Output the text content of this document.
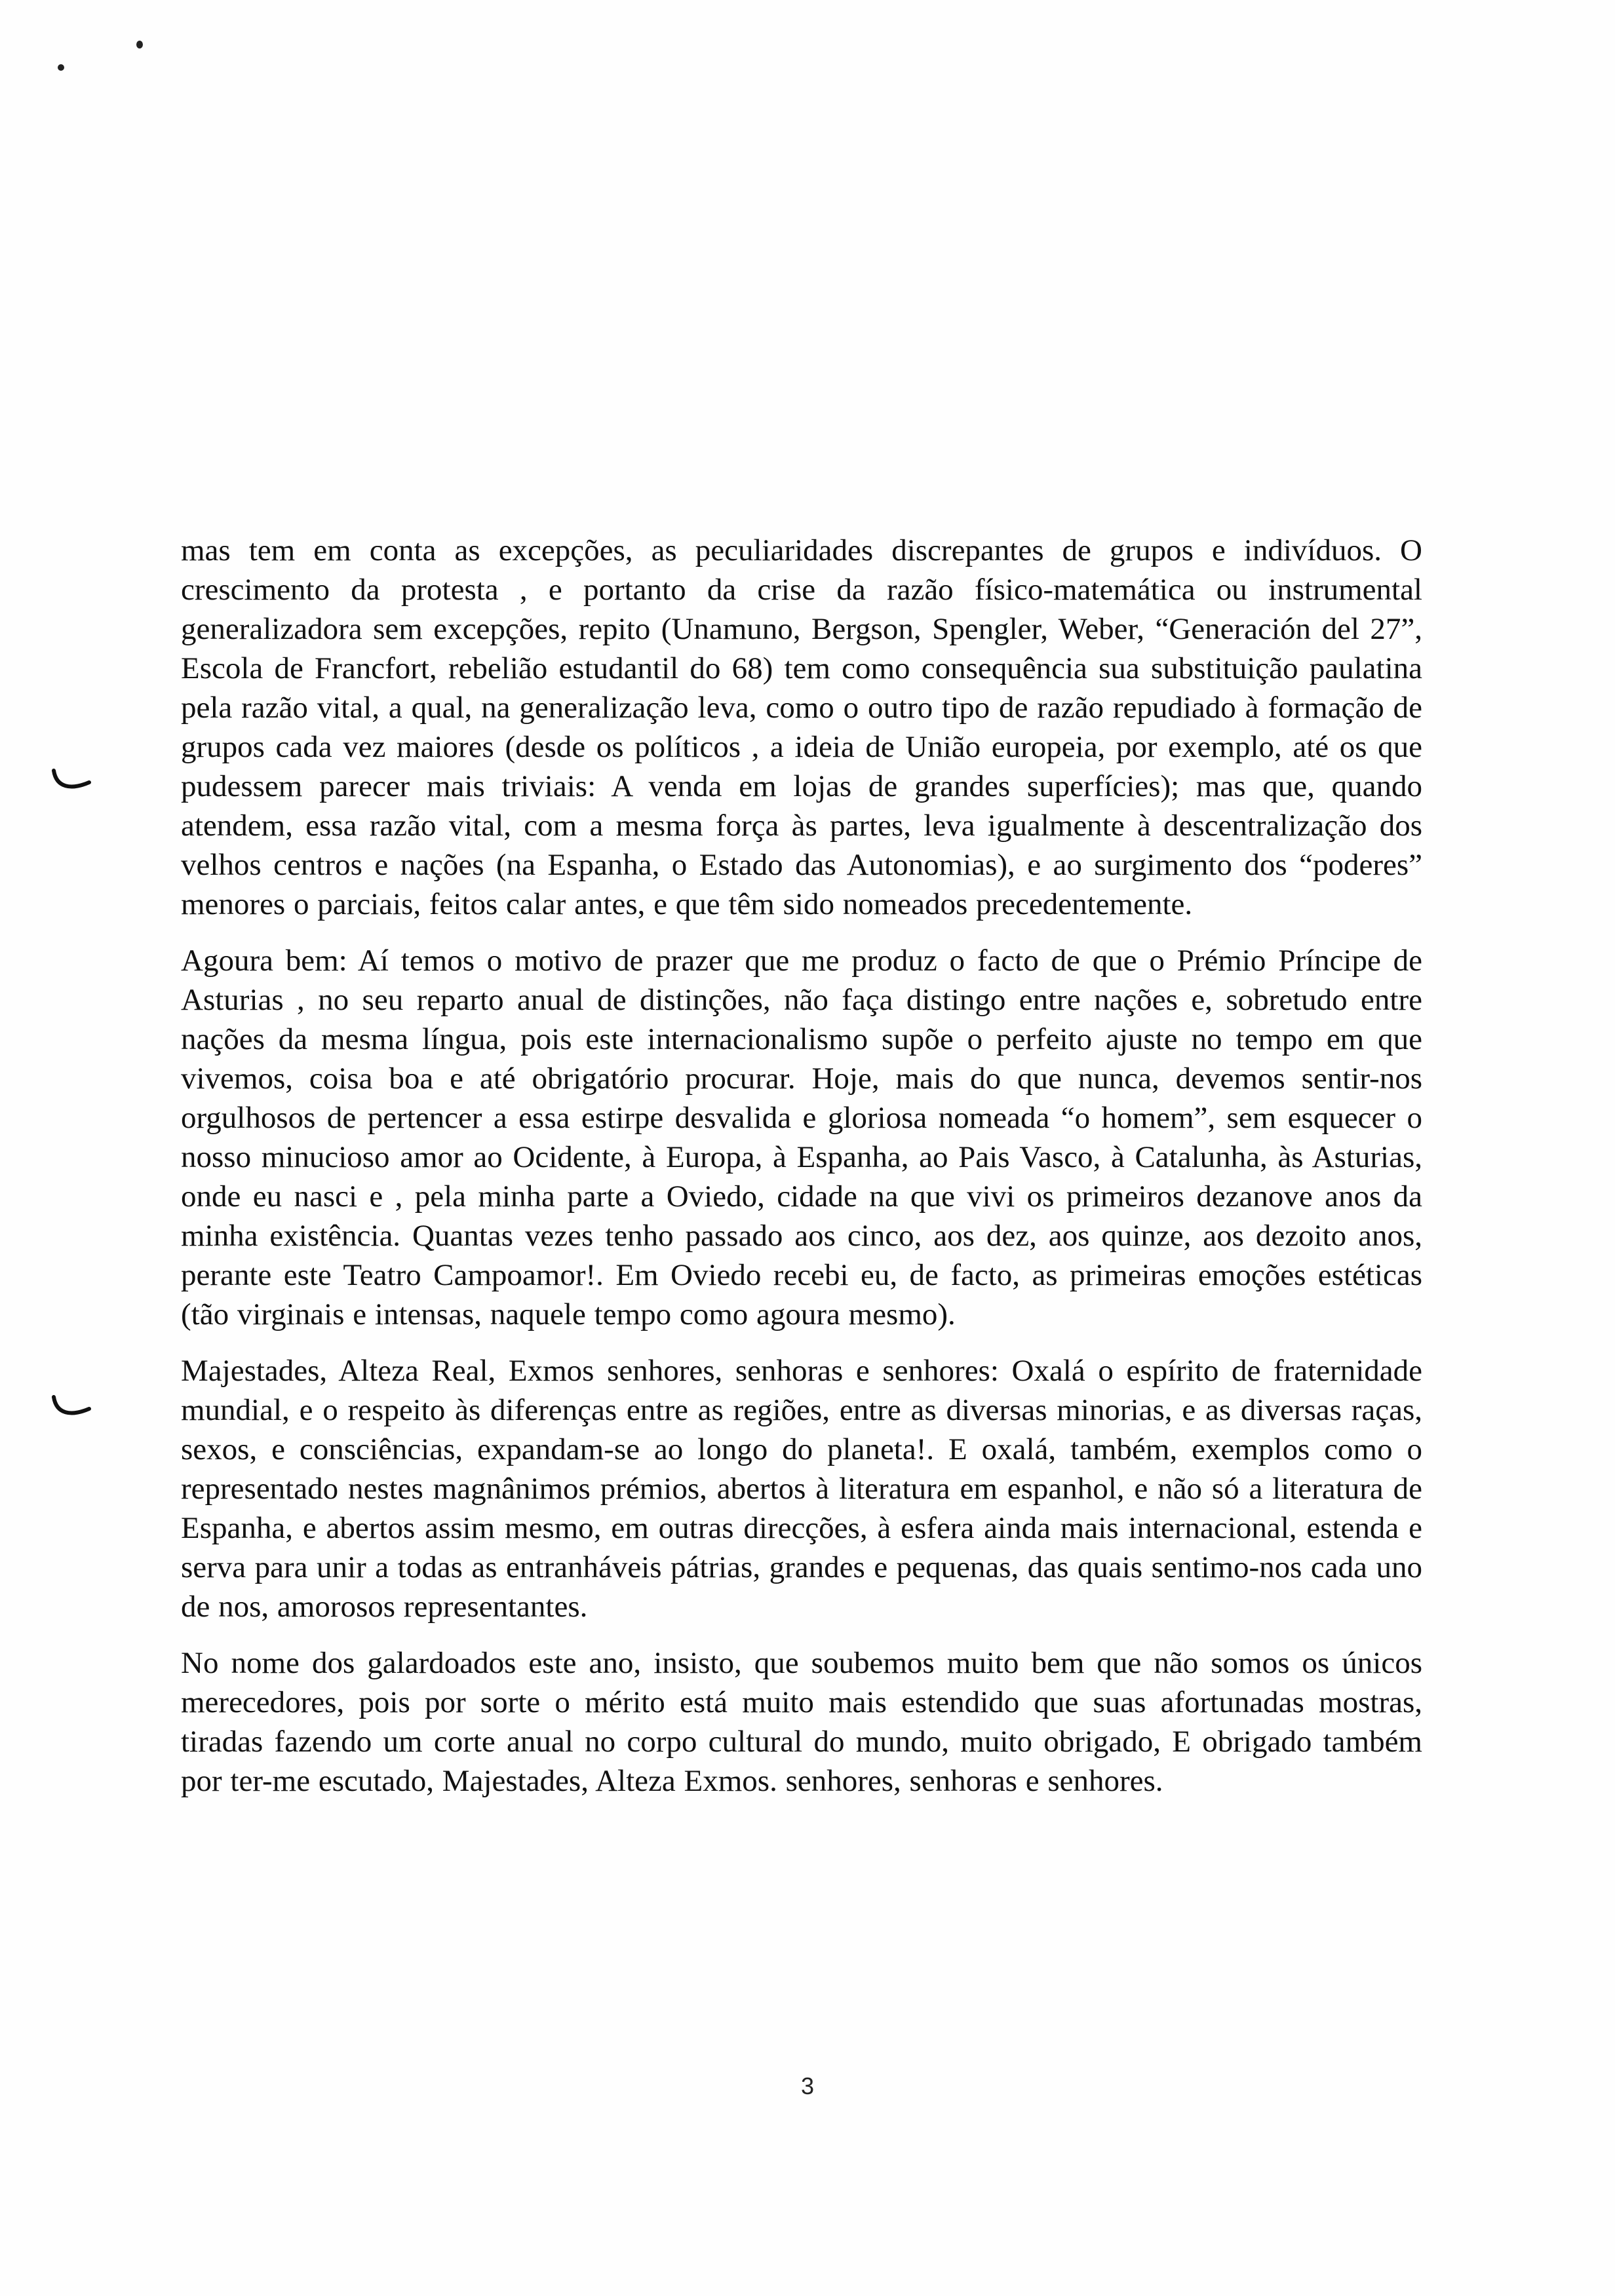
mas tem em conta as excepções, as peculiaridades discrepantes de grupos e indivíduos. O crescimento da protesta , e portanto da crise da razão físico-matemática ou instrumental generalizadora sem excepções, repito (Unamuno, Bergson, Spengler, Weber, “Generación del 27”, Escola de Francfort, rebelião estudantil do 68) tem como consequência sua substituição paulatina pela razão vital, a qual, na generalização leva, como o outro tipo de razão repudiado à formação de grupos cada vez maiores (desde os políticos , a ideia de União europeia, por exemplo, até os que pudessem parecer mais triviais: A venda em lojas de grandes superfícies); mas que, quando atendem, essa razão vital, com a mesma força às partes, leva igualmente à descentralização dos velhos centros e nações (na Espanha, o Estado das Autonomias), e ao surgimento dos “poderes” menores o parciais, feitos calar antes, e que têm sido nomeados precedentemente.

Agoura bem: Aí temos o motivo de prazer que me produz o facto de que o Prémio Príncipe de Asturias , no seu reparto anual de distinções, não faça distingo entre nações e, sobretudo entre nações da mesma língua, pois este internacionalismo supõe o perfeito ajuste no tempo em que vivemos, coisa boa e até obrigatório procurar. Hoje, mais do que nunca, devemos sentir-nos orgulhosos de pertencer a essa estirpe desvalida e gloriosa nomeada “o homem”, sem esquecer o nosso minucioso amor ao Ocidente, à Europa, à Espanha, ao Pais Vasco, à Catalunha, às Asturias, onde eu nasci e , pela minha parte a Oviedo, cidade na que vivi os primeiros dezanove anos da minha existência. Quantas vezes tenho passado aos cinco, aos dez, aos quinze, aos dezoito anos, perante este Teatro Campoamor!. Em Oviedo recebi eu, de facto, as primeiras emoções estéticas (tão virginais e intensas, naquele tempo como agoura mesmo).

Majestades, Alteza Real, Exmos senhores, senhoras e senhores: Oxalá o espírito de fraternidade mundial, e o respeito às diferenças entre as regiões, entre as diversas minorias, e as diversas raças, sexos, e consciências, expandam-se ao longo do planeta!. E oxalá, também, exemplos como o representado nestes magnânimos prémios, abertos à literatura em espanhol, e não só a literatura de Espanha, e abertos assim mesmo, em outras direcções, à esfera ainda mais internacional, estenda e serva para unir a todas as entranháveis pátrias, grandes e pequenas, das quais sentimo-nos cada uno de nos, amorosos representantes.

No nome dos galardoados este ano, insisto, que soubemos muito bem que não somos os únicos merecedores, pois por sorte o mérito está muito mais estendido que suas afortunadas mostras, tiradas fazendo um corte anual no corpo cultural do mundo, muito obrigado, E obrigado também por ter-me escutado, Majestades, Alteza Exmos. senhores, senhoras e senhores.

3
